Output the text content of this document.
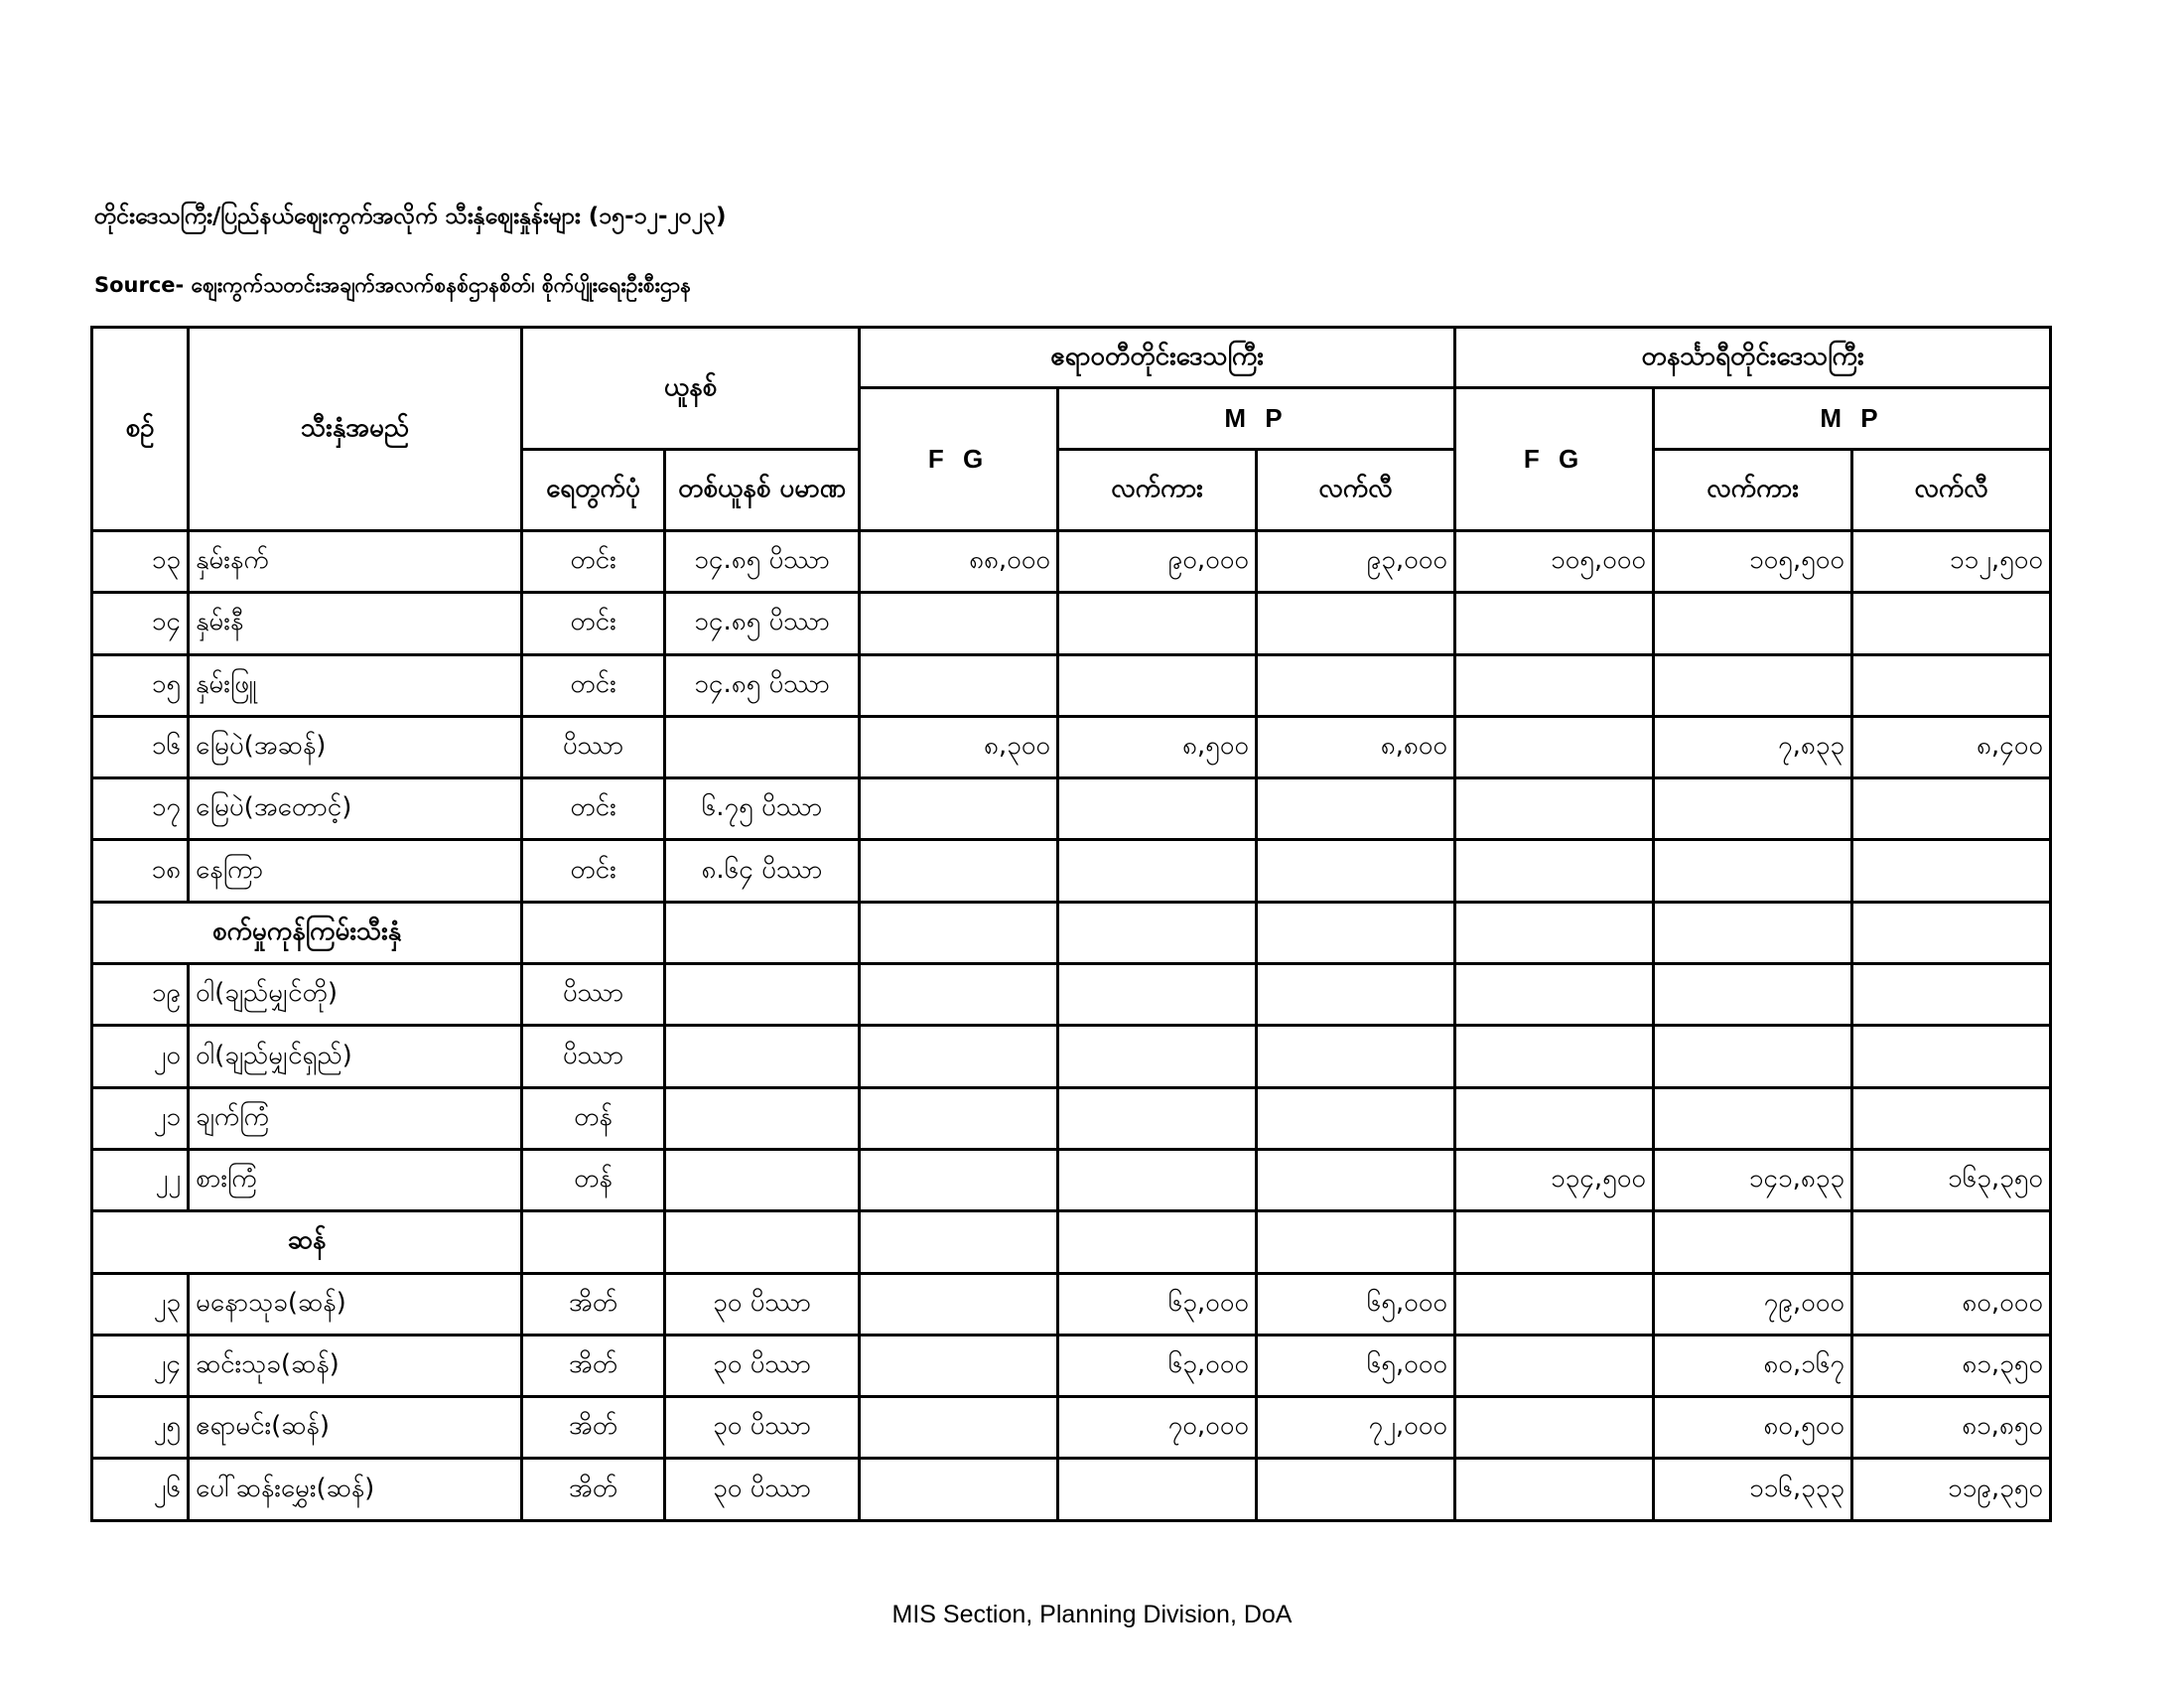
တိုင်းဒေသကြီး/ပြည်နယ်ဈေးကွက်အလိုက် သီးနှံဈေးနှုန်းများ (၁၅-၁၂-၂၀၂၃)
Source- ဈေးကွက်သတင်းအချက်အလက်စနစ်ဌာနစိတ်၊ စိုက်ပျိုးရေးဦးစီးဌာန
စဉ်	သီးနှံအမည်	ယူနစ်		ဧရာဝတီတိုင်းဒေသကြီး			တနင်္သာရီတိုင်းဒေသကြီး		
				F G	M P		F G	M P	
		ရေတွက်ပုံ	တစ်ယူနစ် ပမာဏ		လက်ကား	လက်လီ		လက်ကား	လက်လီ
၁၃	နှမ်းနက်	တင်း	၁၄.၈၅ ပိဿာ	၈၈,၀၀၀	၉၀,၀၀၀	၉၃,၀၀၀	၁၀၅,၀၀၀	၁၀၅,၅၀၀	၁၁၂,၅၀၀
၁၄	နှမ်းနီ	တင်း	၁၄.၈၅ ပိဿာ						
၁၅	နှမ်းဖြူ	တင်း	၁၄.၈၅ ပိဿာ						
၁၆	မြေပဲ(အဆန်)	ပိဿာ		၈,၃၀၀	၈,၅၀၀	၈,၈၀၀		၇,၈၃၃	၈,၄၀၀
၁၇	မြေပဲ(အတောင့်)	တင်း	၆.၇၅ ပိဿာ						
၁၈	နေကြာ	တင်း	၈.၆၄ ပိဿာ						
စက်မှုကုန်ကြမ်းသီးနှံ									
၁၉	ဝါ(ချည်မျှင်တို)	ပိဿာ							
၂၀	ဝါ(ချည်မျှင်ရှည်)	ပိဿာ							
၂၁	ချက်ကြံ	တန်							
၂၂	စားကြံ	တန်					၁၃၄,၅၀၀	၁၄၁,၈၃၃	၁၆၃,၃၅၀
ဆန်									
၂၃	မနောသုခ(ဆန်)	အိတ်	၃၀ ပိဿာ		၆၃,၀၀၀	၆၅,၀၀၀		၇၉,၀၀၀	၈၀,၀၀၀
၂၄	ဆင်းသုခ(ဆန်)	အိတ်	၃၀ ပိဿာ		၆၃,၀၀၀	၆၅,၀၀၀		၈၀,၁၆၇	၈၁,၃၅၀
၂၅	ဧရာမင်း(ဆန်)	အိတ်	၃၀ ပိဿာ		၇၀,၀၀၀	၇၂,၀၀၀		၈၀,၅၀၀	၈၁,၈၅၀
၂၆	ပေါ်ဆန်းမွှေး(ဆန်)	အိတ်	၃၀ ပိဿာ					၁၁၆,၃၃၃	၁၁၉,၃၅၀
MIS Section, Planning Division, DoA
